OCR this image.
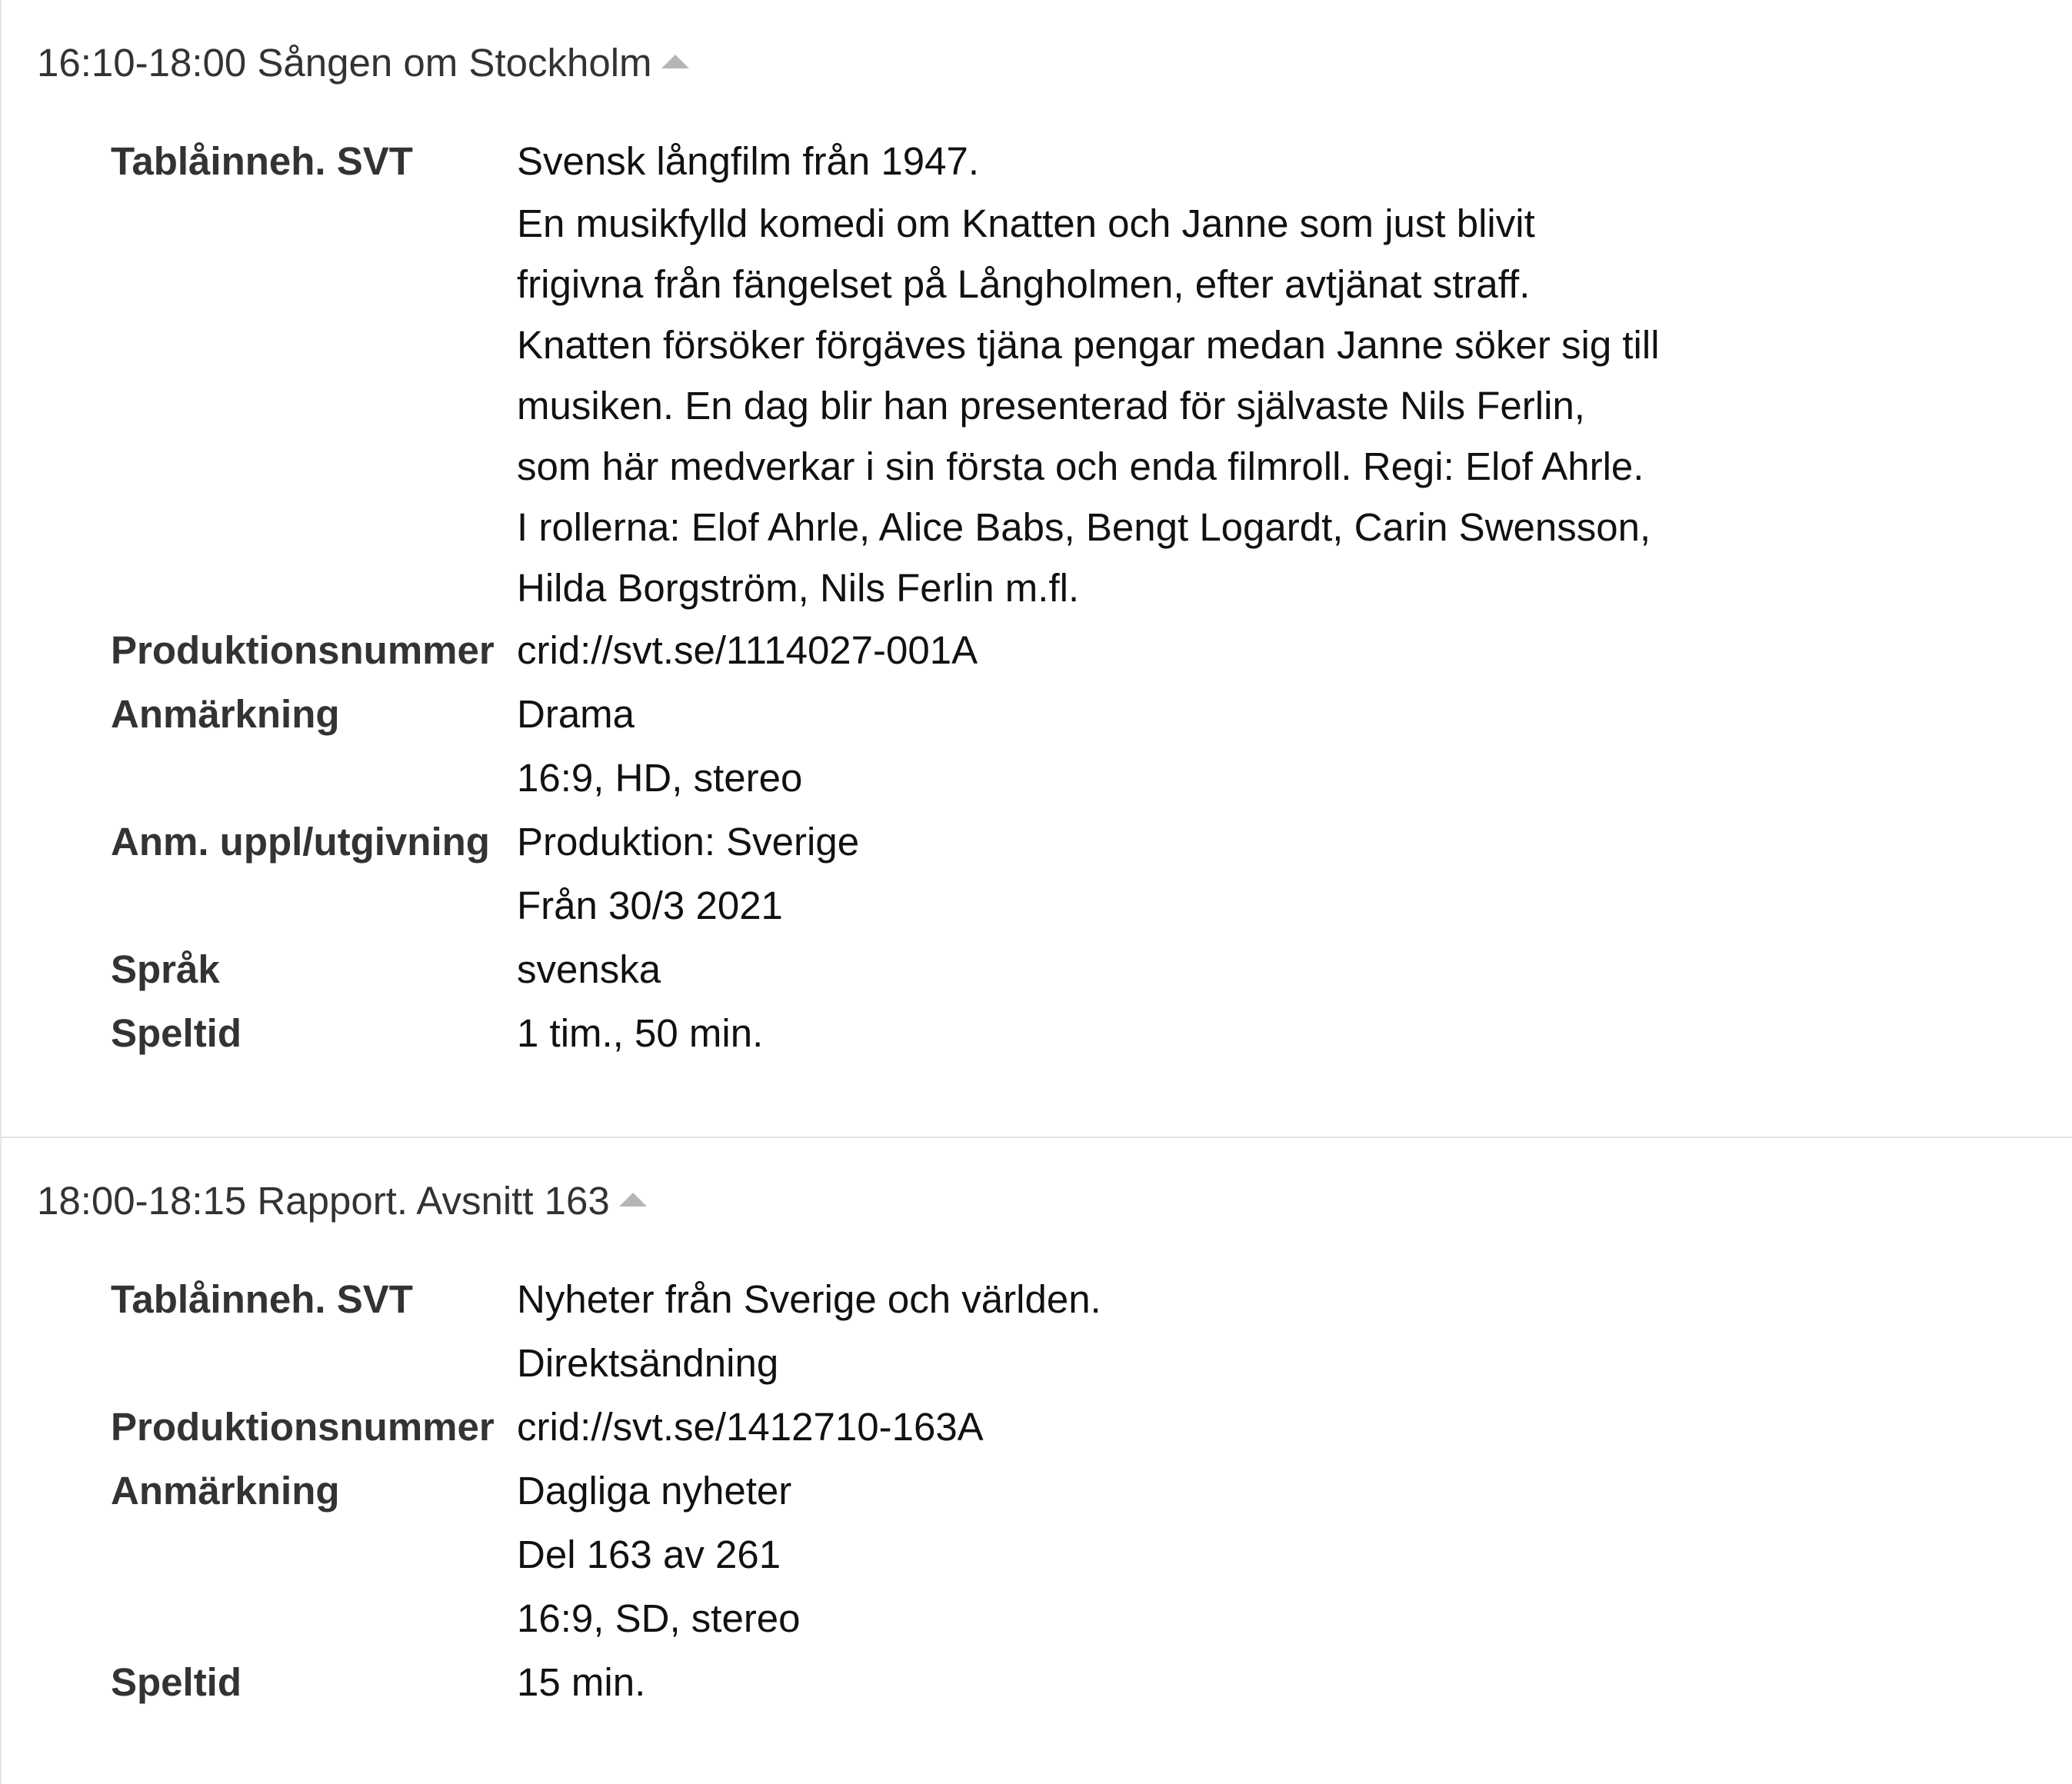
16:10-18:00 Sången om Stockholm
Tablåinneh. SVT	Svensk långfilm från 1947.
En musikfylld komedi om Knatten och Janne som just blivit
frigivna från fängelset på Långholmen, efter avtjänat straff.
Knatten försöker förgäves tjäna pengar medan Janne söker sig till
musiken. En dag blir han presenterad för självaste Nils Ferlin,
som här medverkar i sin första och enda filmroll. Regi: Elof Ahrle.
I rollerna: Elof Ahrle, Alice Babs, Bengt Logardt, Carin Swensson,
Hilda Borgström, Nils Ferlin m.fl.
Produktionsnummer crid://svt.se/1114027-001A
Anmärkning	Drama
16:9, HD, stereo
Anm. uppl/utgivning Produktion: Sverige
Från 30/3 2021
Språk	svenska
Speltid	1 tim., 50 min.
18:00-18:15 Rapport. Avsnitt 163
Tablåinneh. SVT	Nyheter från Sverige och världen.
Direktsändning
Produktionsnummer crid://svt.se/1412710-163A
Anmärkning	Dagliga nyheter
Del 163 av 261
16:9, SD, stereo
Speltid	15 min.
